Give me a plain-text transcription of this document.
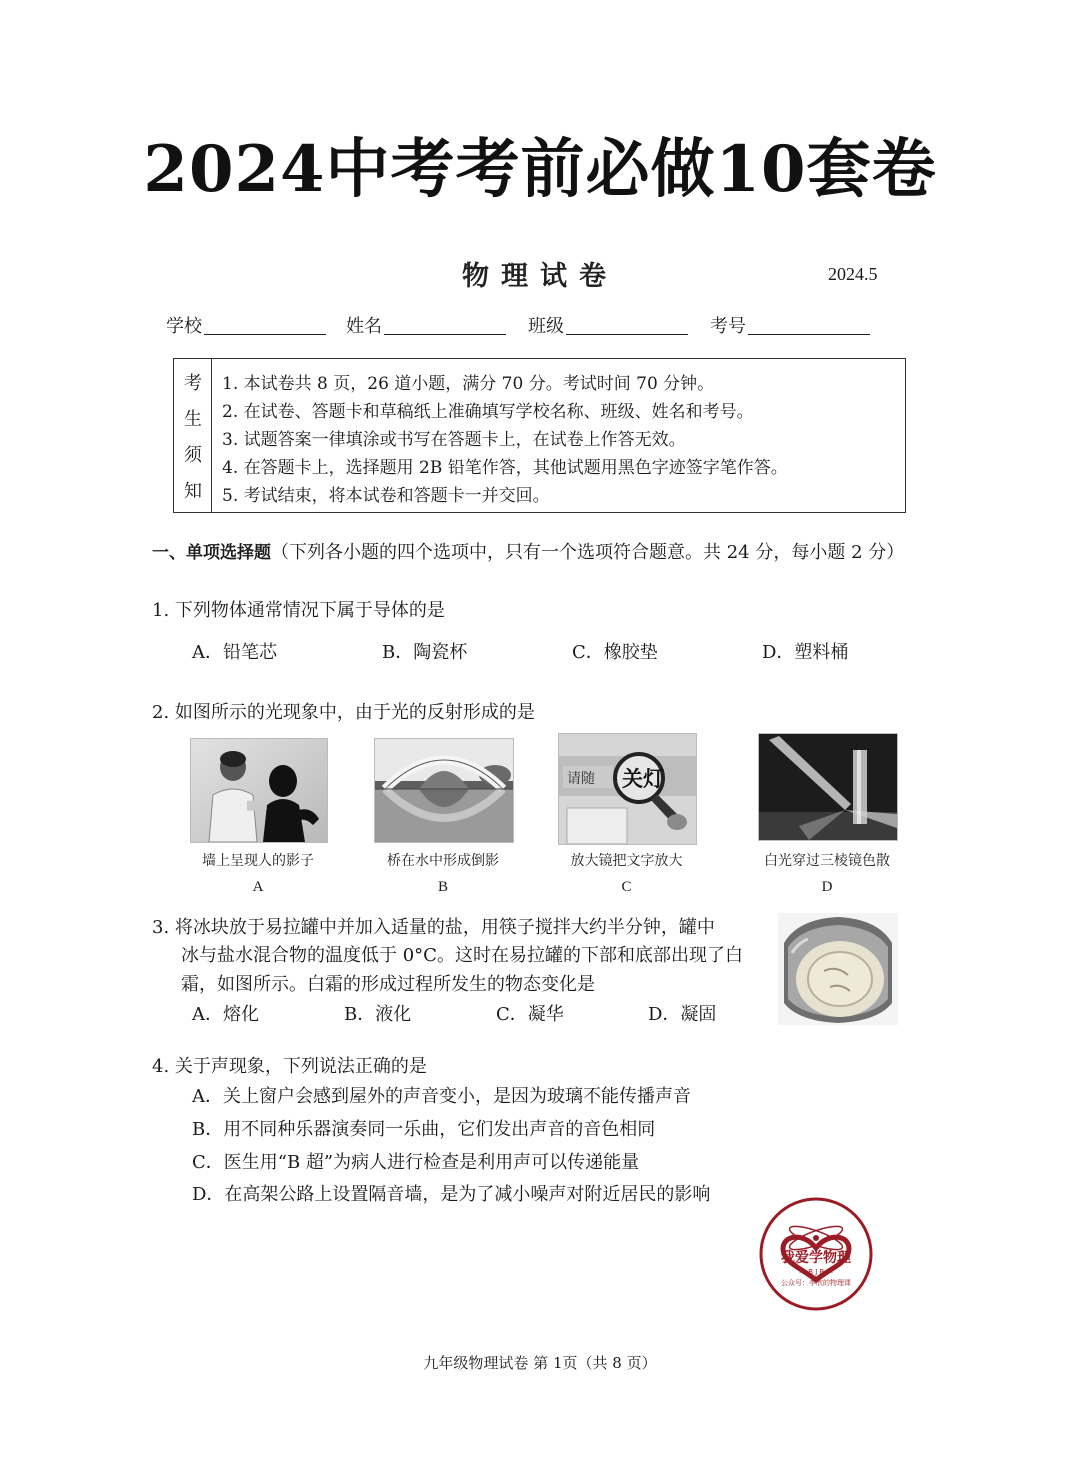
2024中考考前必做10套卷
物理试卷	2024.5
学校	姓名	班级	考号
考
生
须
知
1. 本试卷共 8 页，26 道小题，满分 70 分。考试时间 70 分钟。
2. 在试卷、答题卡和草稿纸上准确填写学校名称、班级、姓名和考号。
3. 试题答案一律填涂或书写在答题卡上，在试卷上作答无效。
4. 在答题卡上，选择题用 2B 铅笔作答，其他试题用黑色字迹签字笔作答。
5. 考试结束，将本试卷和答题卡一并交回。
一、单项选择题（下列各小题的四个选项中，只有一个选项符合题意。共 24 分，每小题 2 分）
1. 下列物体通常情况下属于导体的是
A．铅笔芯	B．陶瓷杯	C．橡胶垫	D．塑料桶
2. 如图所示的光现象中，由于光的反射形成的是
墙上呈现人的影子
A
桥在水中形成倒影
B
请随 关灯
放大镜把文字放大
C
白光穿过三棱镜色散
D
3. 将冰块放于易拉罐中并加入适量的盐，用筷子搅拌大约半分钟，罐中
冰与盐水混合物的温度低于 0°C。这时在易拉罐的下部和底部出现了白
霜，如图所示。白霜的形成过程所发生的物态变化是
A．熔化	B．液化	C．凝华	D．凝固
4. 关于声现象，下列说法正确的是
A．关上窗户会感到屋外的声音变小，是因为玻璃不能传播声音
B．用不同种乐器演奏同一乐曲，它们发出声音的音色相同
C．医生用“B 超”为病人进行检查是利用声可以传递能量
D．在高架公路上设置隔音墙，是为了减小噪声对附近居民的影响
我爱学物理
— B J P —
公众号：李欣的物理课
九年级物理试卷 第 1页（共 8 页）
